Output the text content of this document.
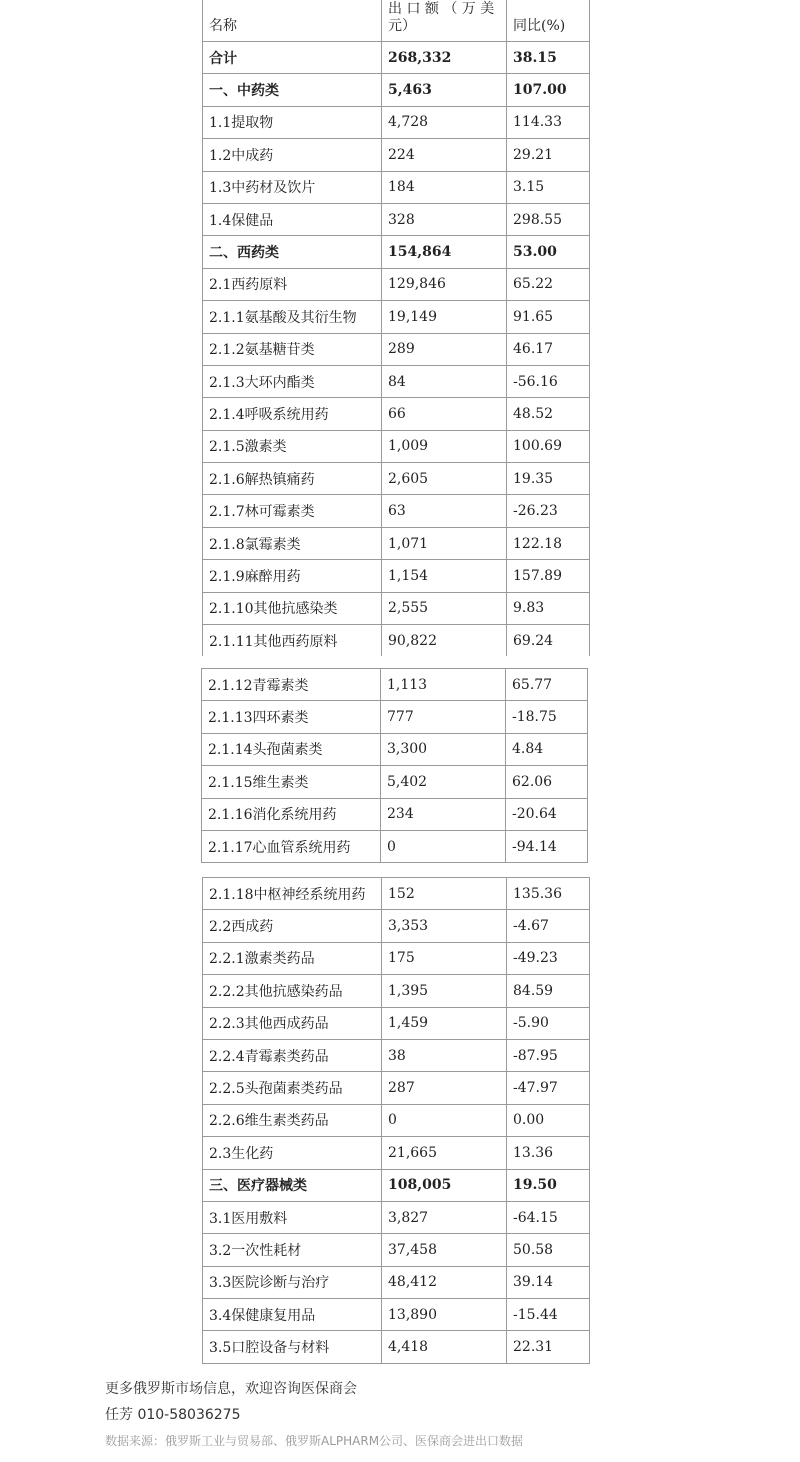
名称	出 口 额 （ 万 美 元）	同比(%)
合计	268,332	38.15
一、中药类	5,463	107.00
1.1提取物	4,728	114.33
1.2中成药	224	29.21
1.3中药材及饮片	184	3.15
1.4保健品	328	298.55
二、西药类	154,864	53.00
2.1西药原料	129,846	65.22
2.1.1氨基酸及其衍生物	19,149	91.65
2.1.2氨基糖苷类	289	46.17
2.1.3大环内酯类	84	-56.16
2.1.4呼吸系统用药	66	48.52
2.1.5激素类	1,009	100.69
2.1.6解热镇痛药	2,605	19.35
2.1.7林可霉素类	63	-26.23
2.1.8氯霉素类	1,071	122.18
2.1.9麻醉用药	1,154	157.89
2.1.10其他抗感染类	2,555	9.83
2.1.11其他西药原料	90,822	69.24
2.1.12青霉素类	1,113	65.77
2.1.13四环素类	777	-18.75
2.1.14头孢菌素类	3,300	4.84
2.1.15维生素类	5,402	62.06
2.1.16消化系统用药	234	-20.64
2.1.17心血管系统用药	0	-94.14
2.1.18中枢神经系统用药	152	135.36
2.2西成药	3,353	-4.67
2.2.1激素类药品	175	-49.23
2.2.2其他抗感染药品	1,395	84.59
2.2.3其他西成药品	1,459	-5.90
2.2.4青霉素类药品	38	-87.95
2.2.5头孢菌素类药品	287	-47.97
2.2.6维生素类药品	0	0.00
2.3生化药	21,665	13.36
三、医疗器械类	108,005	19.50
3.1医用敷料	3,827	-64.15
3.2一次性耗材	37,458	50.58
3.3医院诊断与治疗	48,412	39.14
3.4保健康复用品	13,890	-15.44
3.5口腔设备与材料	4,418	22.31
更多俄罗斯市场信息，欢迎咨询医保商会
任芳 010-58036275
数据来源：俄罗斯工业与贸易部、俄罗斯ALPHARM公司、医保商会进出口数据
